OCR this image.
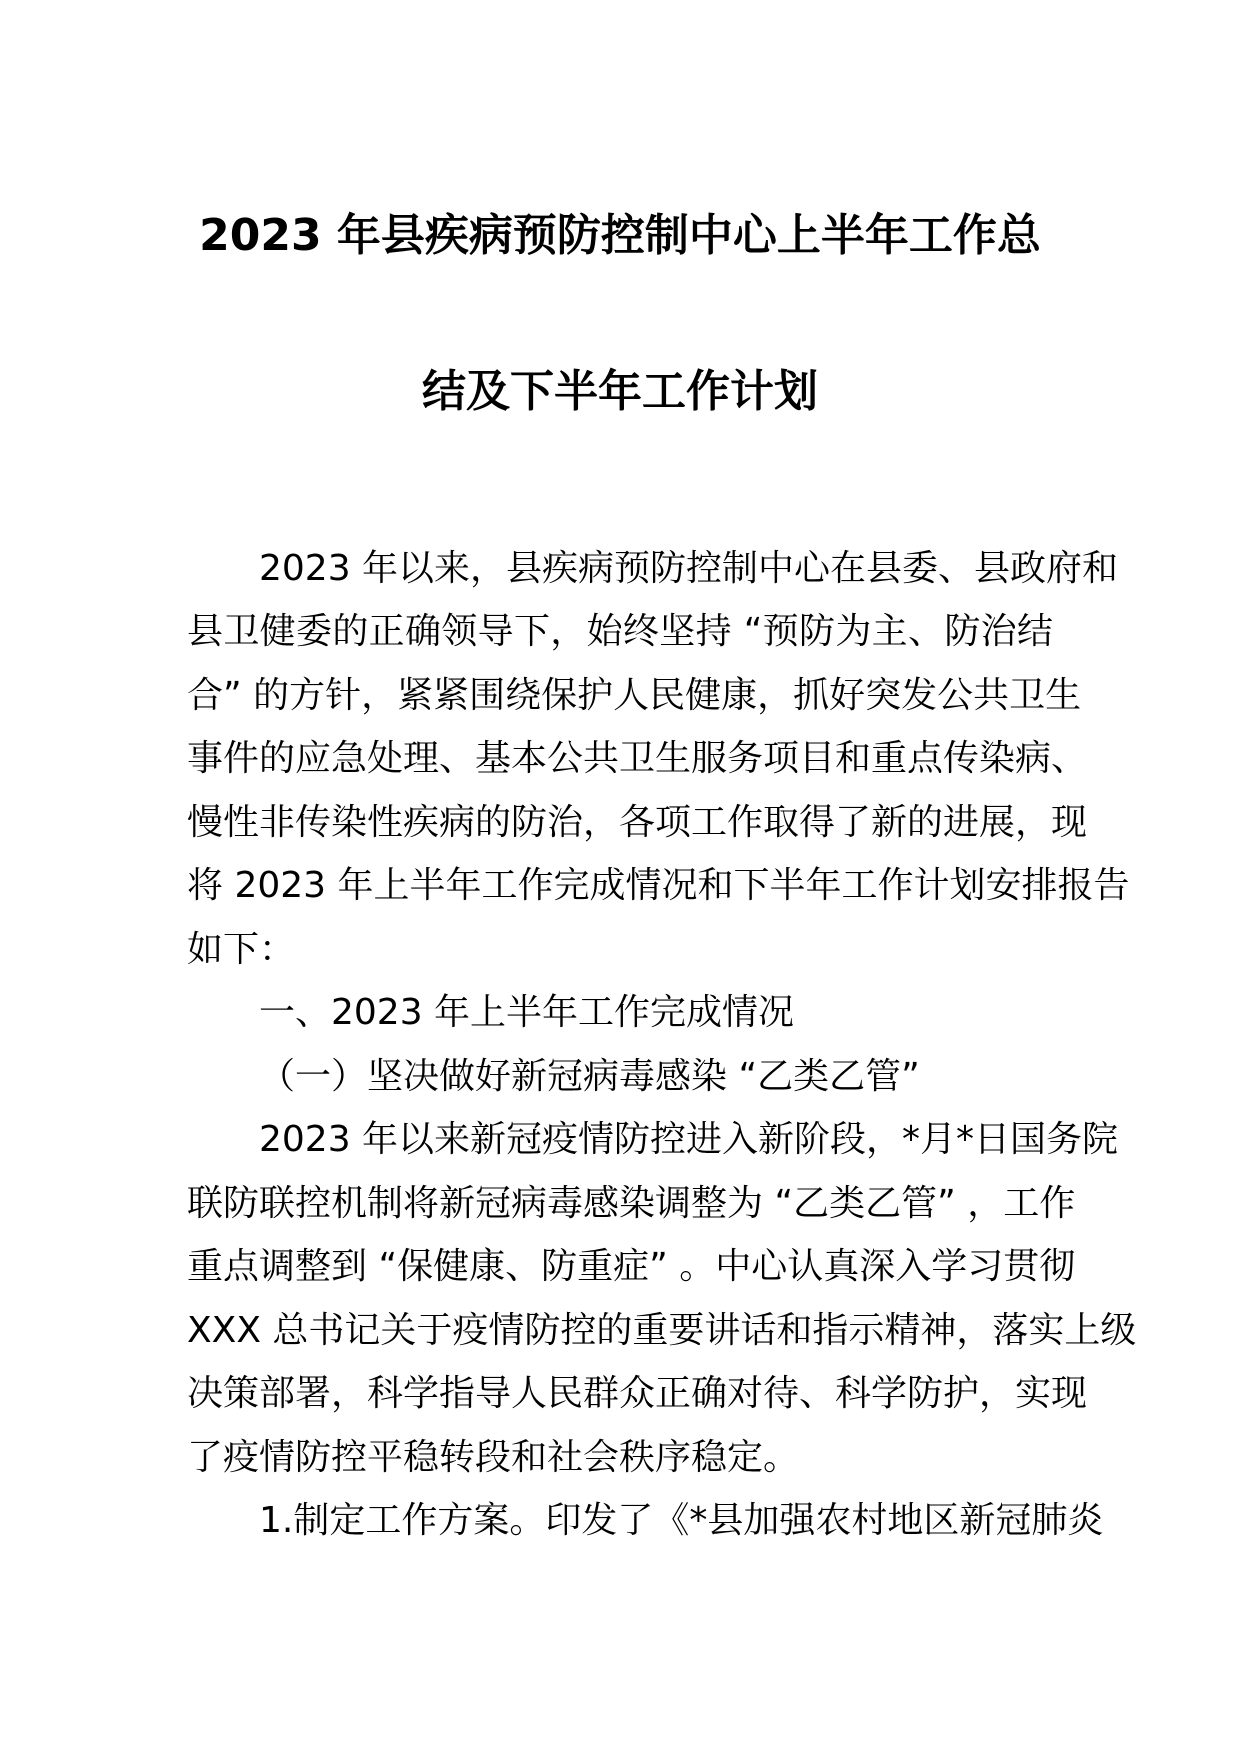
2023 年县疾病预防控制中心上半年工作总
结及下半年工作计划
2023 年以来，县疾病预防控制中心在县委、县政府和
县卫健委的正确领导下，始终坚持 “预防为主、防治结
合” 的方针，紧紧围绕保护人民健康，抓好突发公共卫生
事件的应急处理、基本公共卫生服务项目和重点传染病、
慢性非传染性疾病的防治，各项工作取得了新的进展，现
将 2023 年上半年工作完成情况和下半年工作计划安排报告
如下：
一、2023 年上半年工作完成情况
（一）坚决做好新冠病毒感染 “乙类乙管”
2023 年以来新冠疫情防控进入新阶段，*月*日国务院
联防联控机制将新冠病毒感染调整为 “乙类乙管” ，工作
重点调整到 “保健康、防重症” 。中心认真深入学习贯彻
XXX 总书记关于疫情防控的重要讲话和指示精神，落实上级
决策部署，科学指导人民群众正确对待、科学防护，实现
了疫情防控平稳转段和社会秩序稳定。
1.制定工作方案。印发了《*县加强农村地区新冠肺炎
